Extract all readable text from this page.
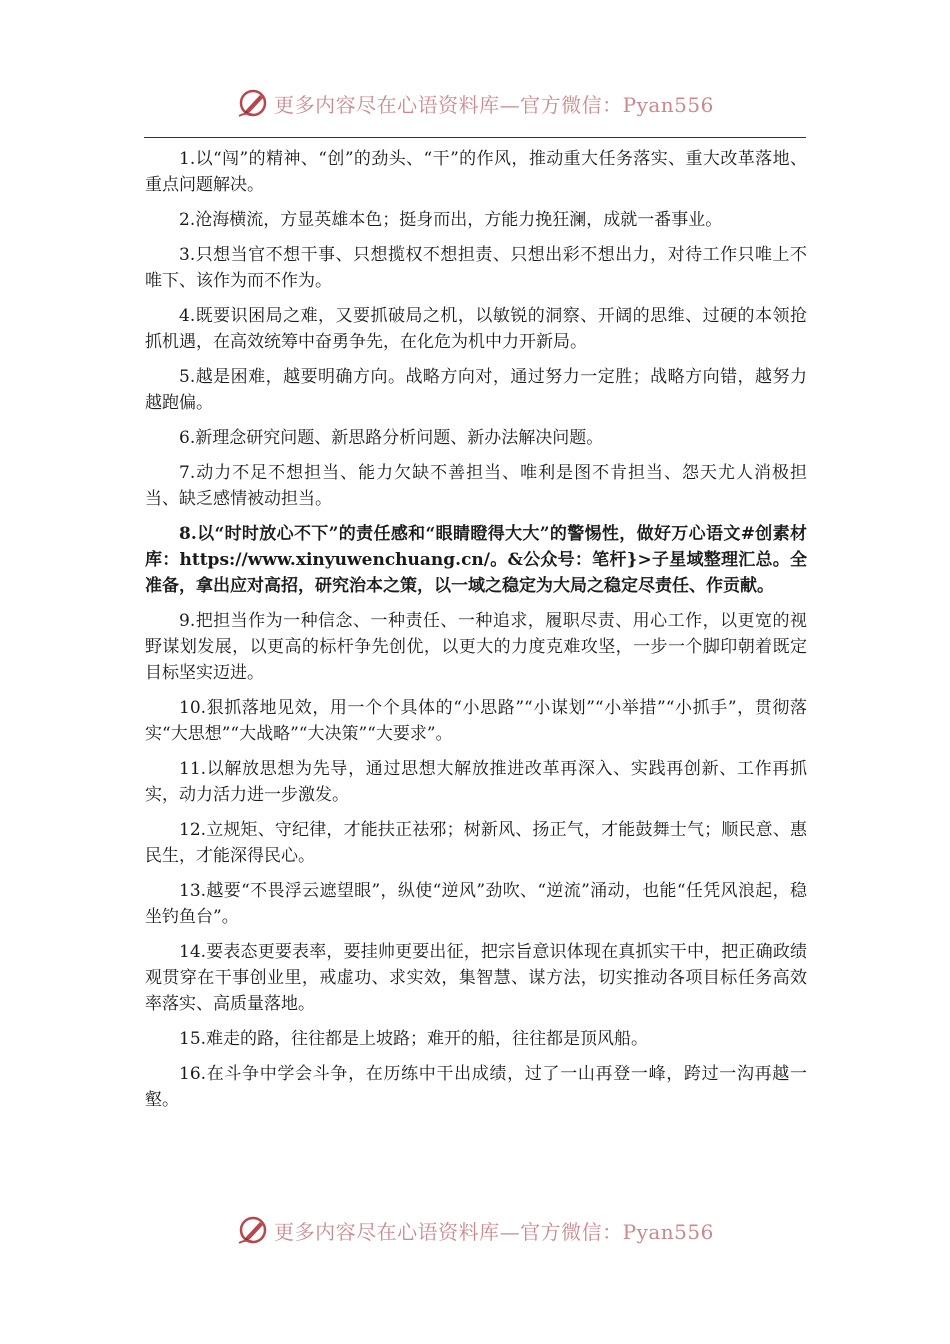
更多内容尽在心语资料库—官方微信：Pyan556

1.以“闯”的精神、“创”的劲头、“干”的作风，推动重大任务落实、重大改革落地、重点问题解决。

2.沧海横流，方显英雄本色；挺身而出，方能力挽狂澜，成就一番事业。

3.只想当官不想干事、只想揽权不想担责、只想出彩不想出力，对待工作只唯上不唯下、该作为而不作为。

4.既要识困局之难，又要抓破局之机，以敏锐的洞察、开阔的思维、过硬的本领抢抓机遇，在高效统筹中奋勇争先，在化危为机中力开新局。

5.越是困难，越要明确方向。战略方向对，通过努力一定胜；战略方向错，越努力越跑偏。

6.新理念研究问题、新思路分析问题、新办法解决问题。

7.动力不足不想担当、能力欠缺不善担当、唯利是图不肯担当、怨天尤人消极担当、缺乏感情被动担当。

8.以“时时放心不下”的责任感和“眼睛瞪得大大”的警惕性，做好万心语文#创素材库：https://www.xinyuwenchuang.cn/。&公众号：笔杆}>子星域整理汇总。全准备，拿出应对高招，研究治本之策，以一域之稳定为大局之稳定尽责任、作贡献。

9.把担当作为一种信念、一种责任、一种追求，履职尽责、用心工作，以更宽的视野谋划发展，以更高的标杆争先创优，以更大的力度克难攻坚，一步一个脚印朝着既定目标坚实迈进。

10.狠抓落地见效，用一个个具体的“小思路”“小谋划”“小举措”“小抓手”，贯彻落实“大思想”“大战略”“大决策”“大要求”。

11.以解放思想为先导，通过思想大解放推进改革再深入、实践再创新、工作再抓实，动力活力进一步激发。

12.立规矩、守纪律，才能扶正祛邪；树新风、扬正气，才能鼓舞士气；顺民意、惠民生，才能深得民心。

13.越要“不畏浮云遮望眼”，纵使“逆风”劲吹、“逆流”涌动，也能“任凭风浪起，稳坐钓鱼台”。

14.要表态更要表率，要挂帅更要出征，把宗旨意识体现在真抓实干中，把正确政绩观贯穿在干事创业里，戒虚功、求实效，集智慧、谋方法，切实推动各项目标任务高效率落实、高质量落地。

15.难走的路，往往都是上坡路；难开的船，往往都是顶风船。

16.在斗争中学会斗争，在历练中干出成绩，过了一山再登一峰，跨过一沟再越一壑。

更多内容尽在心语资料库—官方微信：Pyan556
